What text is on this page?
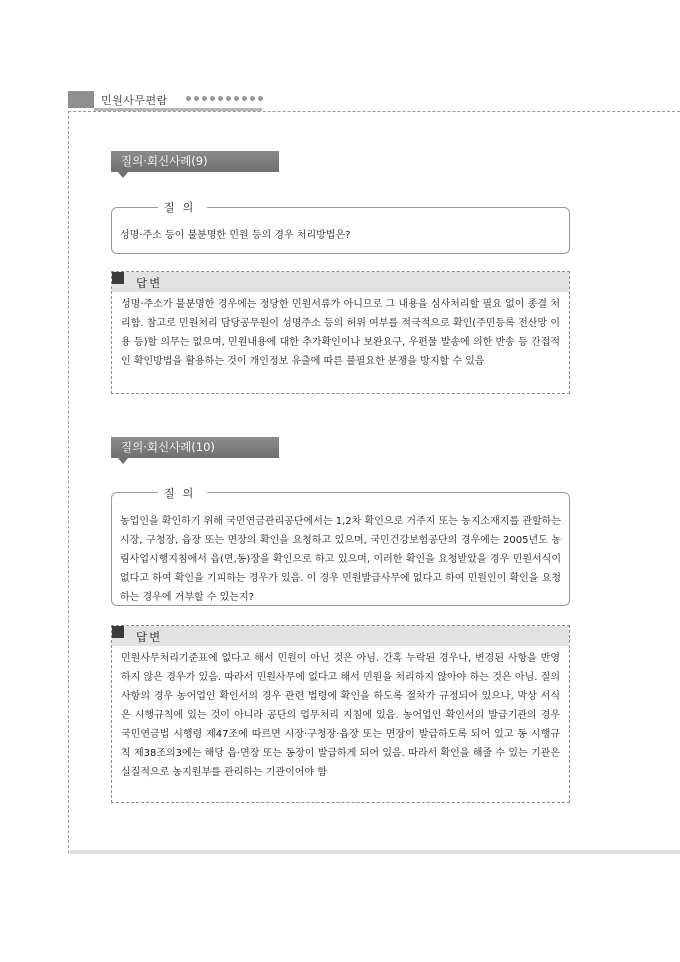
민원사무편람
질의·회신사례(9)
성명·주소 등이 불분명한 민원 등의 경우 처리방법은?
질의
답변
성명·주소가 불분명한 경우에는 정당한 민원서류가 아니므로 그 내용을 심사처리할 필요 없이 종결 처리함. 참고로 민원처리 담당공무원이 성명주소 등의 허위 여부를 적극적으로 확인(주민등록 전산망 이용 등)할 의무는 없으며, 민원내용에 대한 추가확인이나 보완요구, 우편물 발송에 의한 반송 등 간접적인 확인방법을 활용하는 것이 개인정보 유출에 따른 불필요한 분쟁을 방지할 수 있음
질의·회신사례(10)
농업인을 확인하기 위해 국민연금관리공단에서는 1,2차 확인으로 거주지 또는 농지소재지를 관할하는 시장, 구청장, 읍장 또는 면장의 확인을 요청하고 있으며, 국민건강보험공단의 경우에는 2005년도 농림사업시행지침에서 읍(면,동)장을 확인으로 하고 있으며, 이러한 확인을 요청받았을 경우 민원서식이 없다고 하여 확인을 기피하는 경우가 있음. 이 경우 민원발급사무에 없다고 하여 민원인이 확인을 요청하는 경우에 거부할 수 있는지?
질의
답변
민원사무처리기준표에 없다고 해서 민원이 아닌 것은 아님. 간혹 누락된 경우나, 변경된 사항을 반영하지 않은 경우가 있음. 따라서 민원사무에 없다고 해서 민원을 처리하지 않아야 하는 것은 아님. 질의사항의 경우 농어업인 확인서의 경우 관련 법령에 확인을 하도록 절차가 규정되어 있으나, 막상 서식은 시행규칙에 있는 것이 아니라 공단의 업무처리 지침에 있음. 농어업인 확인서의 발급기관의 경우 국민연금법 시행령 제47조에 따르면 시장·구청장·읍장 또는 면장이 발급하도록 되어 있고 동 시행규칙 제38조의3에는 해당 읍·면장 또는 동장이 발급하게 되어 있음. 따라서 확인을 해줄 수 있는 기관은 실질적으로 농지원부를 관리하는 기관이어야 함
